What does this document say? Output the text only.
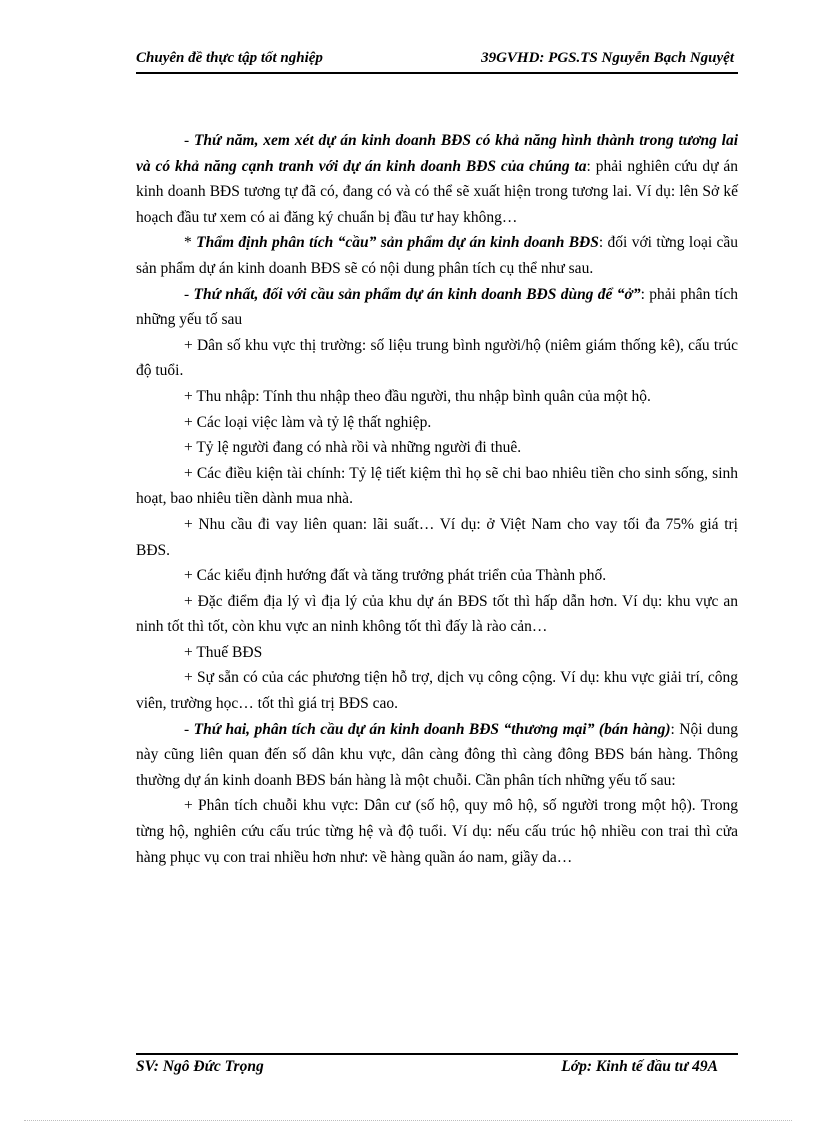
Chuyên đề thực tập tốt nghiệp	39GVHD: PGS.TS Nguyễn Bạch Nguyệt

- Thứ năm, xem xét dự án kinh doanh BĐS có khả năng hình thành trong tương lai và có khả năng cạnh tranh với dự án kinh doanh BĐS của chúng ta: phải nghiên cứu dự án kinh doanh BĐS tương tự đã có, đang có và có thể sẽ xuất hiện trong tương lai. Ví dụ: lên Sở kế hoạch đầu tư xem có ai đăng ký chuẩn bị đầu tư hay không…

* Thẩm định phân tích “cầu” sản phẩm dự án kinh doanh BĐS: đối với từng loại cầu sản phẩm dự án kinh doanh BĐS sẽ có nội dung phân tích cụ thể như sau.

- Thứ nhất, đối với cầu sản phẩm dự án kinh doanh BĐS dùng để “ở”: phải phân tích những yếu tố sau

+ Dân số khu vực thị trường: số liệu trung bình người/hộ (niêm giám thống kê), cấu trúc độ tuổi.

+ Thu nhập: Tính thu nhập theo đầu người, thu nhập bình quân của một hộ.

+ Các loại việc làm và tỷ lệ thất nghiệp.

+ Tỷ lệ người đang có nhà rồi và những người đi thuê.

+ Các điều kiện tài chính: Tỷ lệ tiết kiệm thì họ sẽ chi bao nhiêu tiền cho sinh sống, sinh hoạt, bao nhiêu tiền dành mua nhà.

+ Nhu cầu đi vay liên quan: lãi suất… Ví dụ: ở Việt Nam cho vay tối đa 75% giá trị BĐS.

+ Các kiểu định hướng đất và tăng trưởng phát triển của Thành phố.

+ Đặc điểm địa lý vì địa lý của khu dự án BĐS tốt thì hấp dẫn hơn. Ví dụ: khu vực an ninh tốt thì tốt, còn khu vực an ninh không tốt thì đấy là rào cản…

+ Thuế BĐS

+ Sự sẵn có của các phương tiện hỗ trợ, dịch vụ công cộng. Ví dụ: khu vực giải trí, công viên, trường học… tốt thì giá trị BĐS cao.

- Thứ hai, phân tích cầu dự án kinh doanh BĐS “thương mại” (bán hàng): Nội dung này cũng liên quan đến số dân khu vực, dân càng đông thì càng đông BĐS bán hàng. Thông thường dự án kinh doanh BĐS bán hàng là một chuỗi. Cần phân tích những yếu tố sau:

+ Phân tích chuỗi khu vực: Dân cư (số hộ, quy mô hộ, số người trong một hộ). Trong từng hộ, nghiên cứu cấu trúc từng hệ và độ tuổi. Ví dụ: nếu cấu trúc hộ nhiều con trai thì cửa hàng phục vụ con trai nhiều hơn như: về hàng quần áo nam, giầy da…

SV: Ngô Đức Trọng	Lớp: Kinh tế đầu tư 49A
